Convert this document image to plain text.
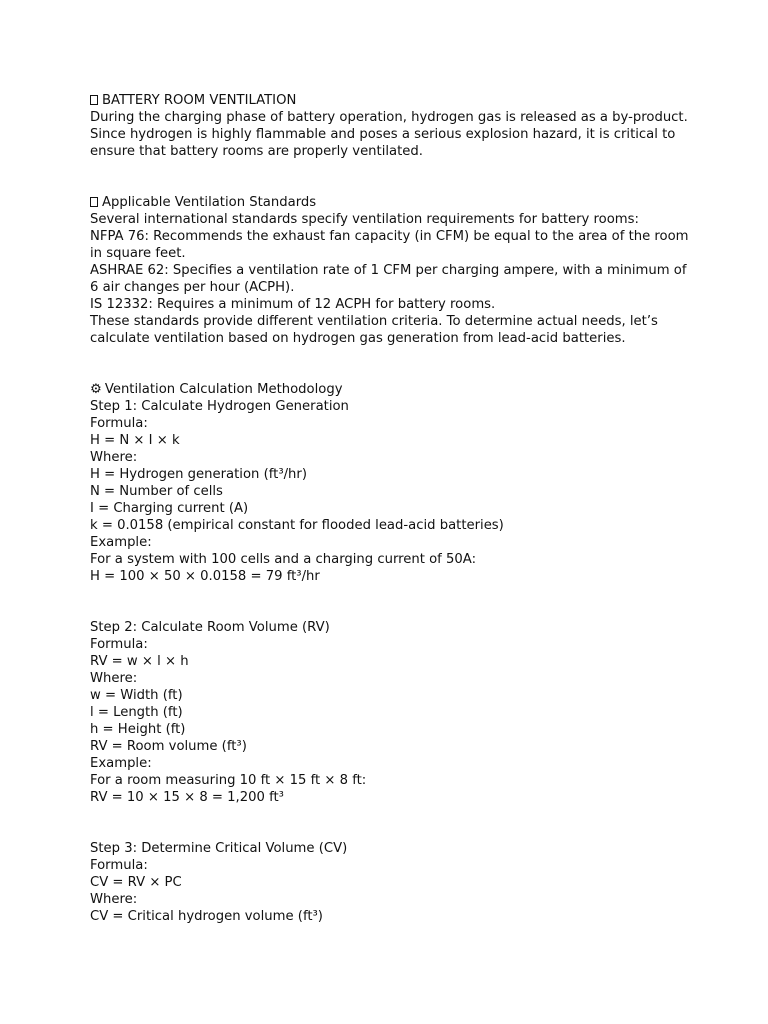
BATTERY ROOM VENTILATION
During the charging phase of battery operation, hydrogen gas is released as a by-product. Since hydrogen is highly flammable and poses a serious explosion hazard, it is critical to ensure that battery rooms are properly ventilated.
Applicable Ventilation Standards
Several international standards specify ventilation requirements for battery rooms:
NFPA 76: Recommends the exhaust fan capacity (in CFM) be equal to the area of the room in square feet.
ASHRAE 62: Specifies a ventilation rate of 1 CFM per charging ampere, with a minimum of 6 air changes per hour (ACPH).
IS 12332: Requires a minimum of 12 ACPH for battery rooms.
These standards provide different ventilation criteria. To determine actual needs, let’s calculate ventilation based on hydrogen gas generation from lead-acid batteries.
⚙ Ventilation Calculation Methodology
Step 1: Calculate Hydrogen Generation
Formula:
H = N × I × k
Where:
H = Hydrogen generation (ft³/hr)
N = Number of cells
I = Charging current (A)
k = 0.0158 (empirical constant for flooded lead-acid batteries)
Example:
For a system with 100 cells and a charging current of 50A:
H = 100 × 50 × 0.0158 = 79 ft³/hr
Step 2: Calculate Room Volume (RV)
Formula:
RV = w × l × h
Where:
w = Width (ft)
l = Length (ft)
h = Height (ft)
RV = Room volume (ft³)
Example:
For a room measuring 10 ft × 15 ft × 8 ft:
RV = 10 × 15 × 8 = 1,200 ft³
Step 3: Determine Critical Volume (CV)
Formula:
CV = RV × PC
Where:
CV = Critical hydrogen volume (ft³)
